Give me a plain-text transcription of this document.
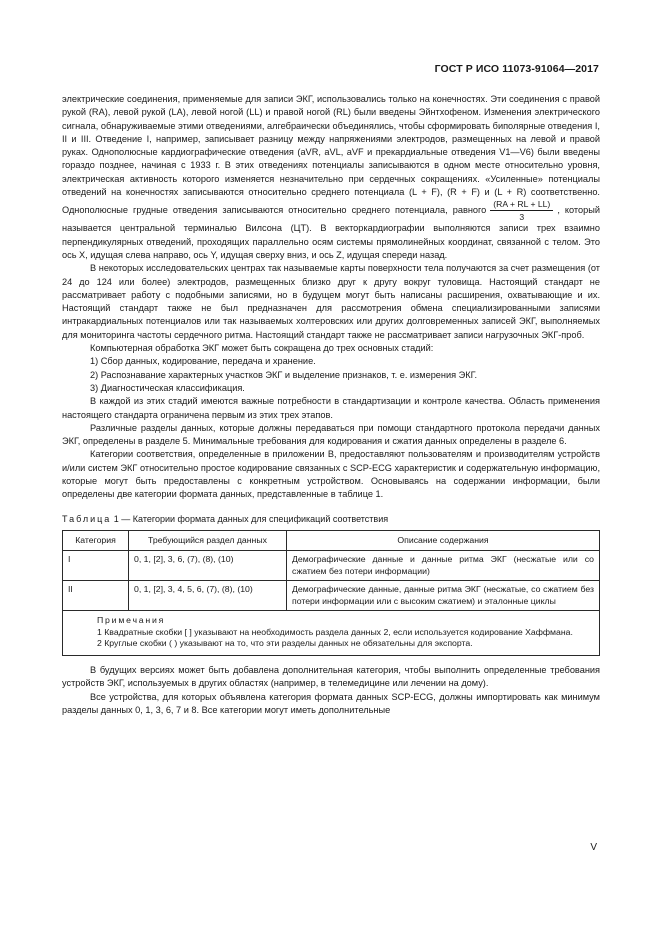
ГОСТ Р ИСО 11073-91064—2017

электрические соединения, применяемые для записи ЭКГ, использовались только на конечностях. Эти соединения с правой рукой (RA), левой рукой (LA), левой ногой (LL) и правой ногой (RL) были введены Эйнтхофеном. Изменения электрического сигнала, обнаруживаемые этими отведениями, алгебраически объединялись, чтобы сформировать биполярные отведения I, II и III. Отведение I, например, записывает разницу между напряжениями электродов, размещенных на левой и правой руках. Однополюсные кардиографические отведения (aVR, aVL, aVF и прекардиальные отведения V1—V6) были введены гораздо позднее, начиная с 1933 г. В этих отведениях потенциалы записываются в одном месте относительно уровня, электрическая активность которого изменяется незначительно при сердечных сокращениях. «Усиленные» потенциалы отведений на конечностях записываются относительно среднего потенциала (L + F), (R + F) и (L + R) соответственно. Однополюсные грудные отведения записываются относительно среднего потенциала, равного $\frac{(RA + RL + LL)}{3}$ , который называется центральной терминалью Вилсона (ЦТ). В векторкардиографии выполняются записи трех взаимно перпендикулярных отведений, проходящих параллельно осям системы прямолинейных координат, связанной с телом. Это ось X, идущая слева направо, ось Y, идущая сверху вниз, и ось Z, идущая спереди назад.

В некоторых исследовательских центрах так называемые карты поверхности тела получаются за счет размещения (от 24 до 124 или более) электродов, размещенных близко друг к другу вокруг туловища. Настоящий стандарт не рассматривает работу с подобными записями, но в будущем могут быть написаны расширения, охватывающие и их. Настоящий стандарт также не был предназначен для рассмотрения обмена специализированными записями интракардиальных потенциалов или так называемых холтеровских или других долговременных записей ЭКГ, выполняемых для мониторинга частоты сердечного ритма. Настоящий стандарт также не рассматривает записи нагрузочных ЭКГ-проб.

Компьютерная обработка ЭКГ может быть сокращена до трех основных стадий:

1) Сбор данных, кодирование, передача и хранение.

2) Распознавание характерных участков ЭКГ и выделение признаков, т. е. измерения ЭКГ.

3) Диагностическая классификация.

В каждой из этих стадий имеются важные потребности в стандартизации и контроле качества. Область применения настоящего стандарта ограничена первым из этих трех этапов.

Различные разделы данных, которые должны передаваться при помощи стандартного протокола передачи данных ЭКГ, определены в разделе 5. Минимальные требования для кодирования и сжатия данных определены в разделе 6.

Категории соответствия, определенные в приложении В, предоставляют пользователям и производителям устройств и/или систем ЭКГ относительно простое кодирование связанных с SCP-ECG характеристик и содержательную информацию, которые могут быть предоставлены с конкретным устройством. Основываясь на содержании информации, были определены две категории формата данных, представленные в таблице 1.

Таблица 1 — Категории формата данных для спецификаций соответствия
Категория	Требующийся раздел данных	Описание содержания
I	0, 1, [2], 3, 6, (7), (8), (10)	Демографические данные и данные ритма ЭКГ (несжатые или со сжатием без потери информации)
II	0, 1, [2], 3, 4, 5, 6, (7), (8), (10)	Демографические данные, данные ритма ЭКГ (несжатые, со сжатием без потери информации или с высоким сжатием) и эталонные циклы

Примечания
1 Квадратные скобки [ ] указывают на необходимость раздела данных 2, если используется кодирование Хаффмана.
2 Круглые скобки ( ) указывают на то, что эти разделы данных не обязательны для экспорта.		

В будущих версиях может быть добавлена дополнительная категория, чтобы выполнить определенные требования устройств ЭКГ, используемых в других областях (например, в телемедицине или лечении на дому).

Все устройства, для которых объявлена категория формата данных SCP-ECG, должны импортировать как минимум разделы данных 0, 1, 3, 6, 7 и 8. Все категории могут иметь дополнительные

V
